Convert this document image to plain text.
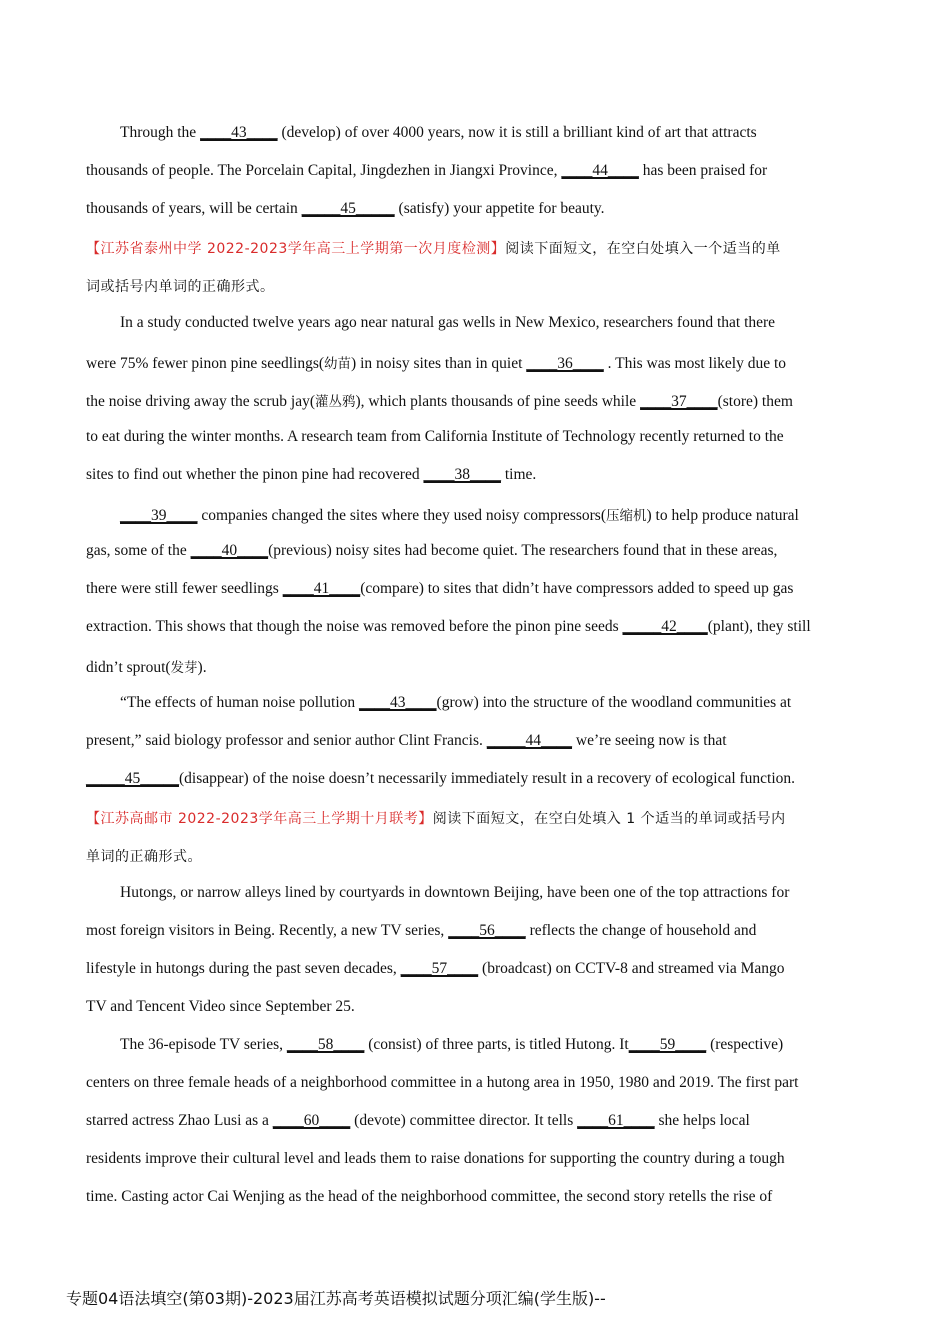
Through the ____43____ (develop) of over 4000 years, now it is still a brilliant kind of art that attracts
thousands of people. The Porcelain Capital, Jingdezhen in Jiangxi Province, ____44____ has been praised for
thousands of years, will be certain _____45_____ (satisfy) your appetite for beauty.
【江苏省泰州中学 2022-2023学年高三上学期第一次月度检测】阅读下面短文，在空白处填入一个适当的单
词或括号内单词的正确形式。
In a study conducted twelve years ago near natural gas wells in New Mexico, researchers found that there
were 75% fewer pinon pine seedlings(幼苗) in noisy sites than in quiet ____36____ . This was most likely due to
the noise driving away the scrub jay(灌丛鸦), which plants thousands of pine seeds while ____37____(store) them
to eat during the winter months. A research team from California Institute of Technology recently returned to the
sites to find out whether the pinon pine had recovered ____38____ time.
____39____ companies changed the sites where they used noisy compressors(压缩机) to help produce natural
gas, some of the ____40____(previous) noisy sites had become quiet. The researchers found that in these areas,
there were still fewer seedlings ____41____(compare) to sites that didn’t have compressors added to speed up gas
extraction. This shows that though the noise was removed before the pinon pine seeds _____42____(plant), they still
didn’t sprout(发芽).
“The effects of human noise pollution ____43____(grow) into the structure of the woodland communities at
present,” said biology professor and senior author Clint Francis. _____44____ we’re seeing now is that
_____45_____(disappear) of the noise doesn’t necessarily immediately result in a recovery of ecological function.
【江苏高邮市 2022-2023学年高三上学期十月联考】阅读下面短文，在空白处填入 1 个适当的单词或括号内
单词的正确形式。
Hutongs, or narrow alleys lined by courtyards in downtown Beijing, have been one of the top attractions for
most foreign visitors in Being. Recently, a new TV series, ____56____ reflects the change of household and
lifestyle in hutongs during the past seven decades, ____57____ (broadcast) on CCTV-8 and streamed via Mango
TV and Tencent Video since September 25.
The 36-episode TV series, ____58____ (consist) of three parts, is titled Hutong. It____59____ (respective)
centers on three female heads of a neighborhood committee in a hutong area in 1950, 1980 and 2019. The first part
starred actress Zhao Lusi as a ____60____ (devote) committee director. It tells ____61____ she helps local
residents improve their cultural level and leads them to raise donations for supporting the country during a tough
time. Casting actor Cai Wenjing as the head of the neighborhood committee, the second story retells the rise of
专题04语法填空(第03期)-2023届江苏高考英语模拟试题分项汇编(学生版)--
